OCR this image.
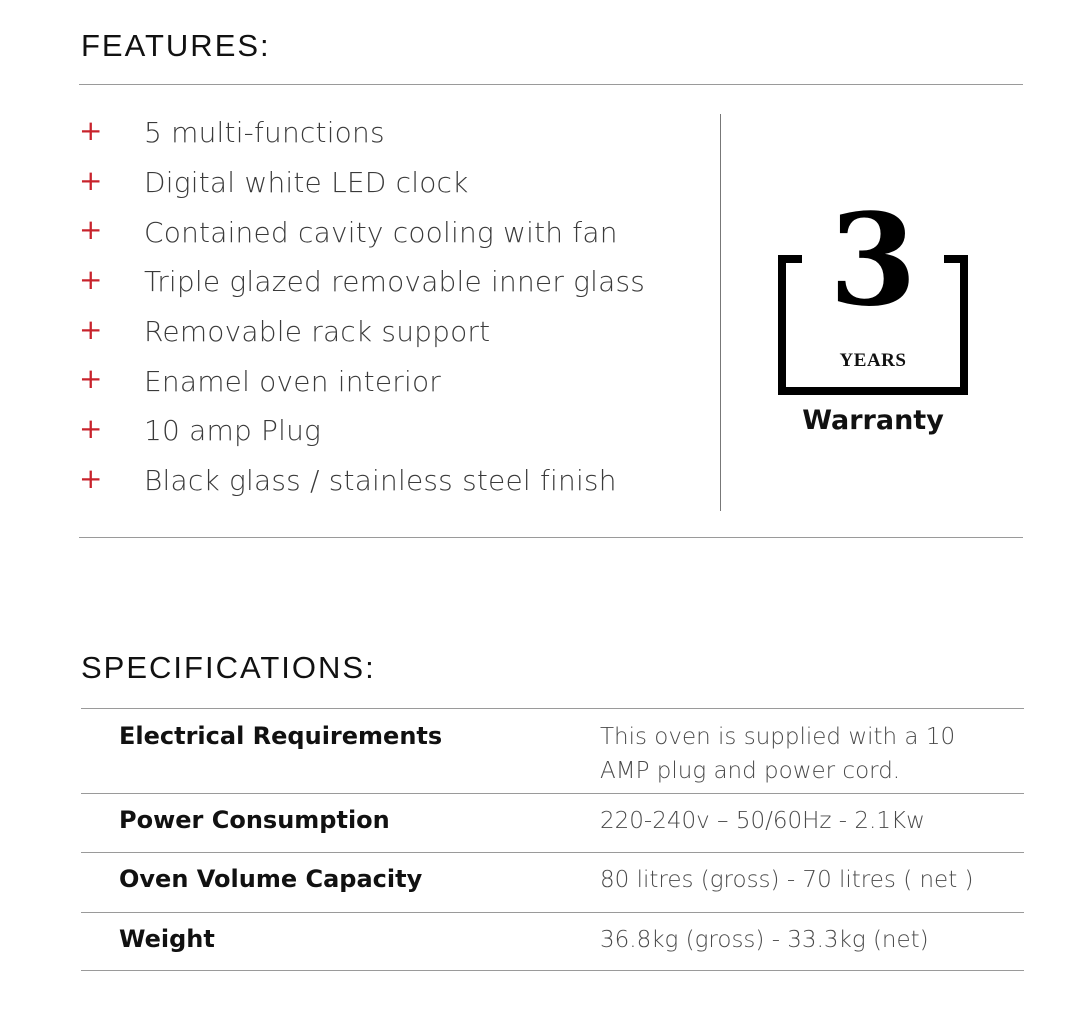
FEATURES:
+ 5 multi-functions
+ Digital white LED clock
+ Contained cavity cooling with fan
+ Triple glazed removable inner glass
+ Removable rack support
+ Enamel oven interior
+ 10 amp Plug
+ Black glass / stainless steel finish
3
YEARS
Warranty
SPECIFICATIONS:
Electrical Requirements	This oven is supplied with a 10 AMP plug and power cord.
Power Consumption	220-240v – 50/60Hz - 2.1Kw
Oven Volume Capacity	80 litres (gross) - 70 litres ( net )
Weight	36.8kg (gross) - 33.3kg (net)
